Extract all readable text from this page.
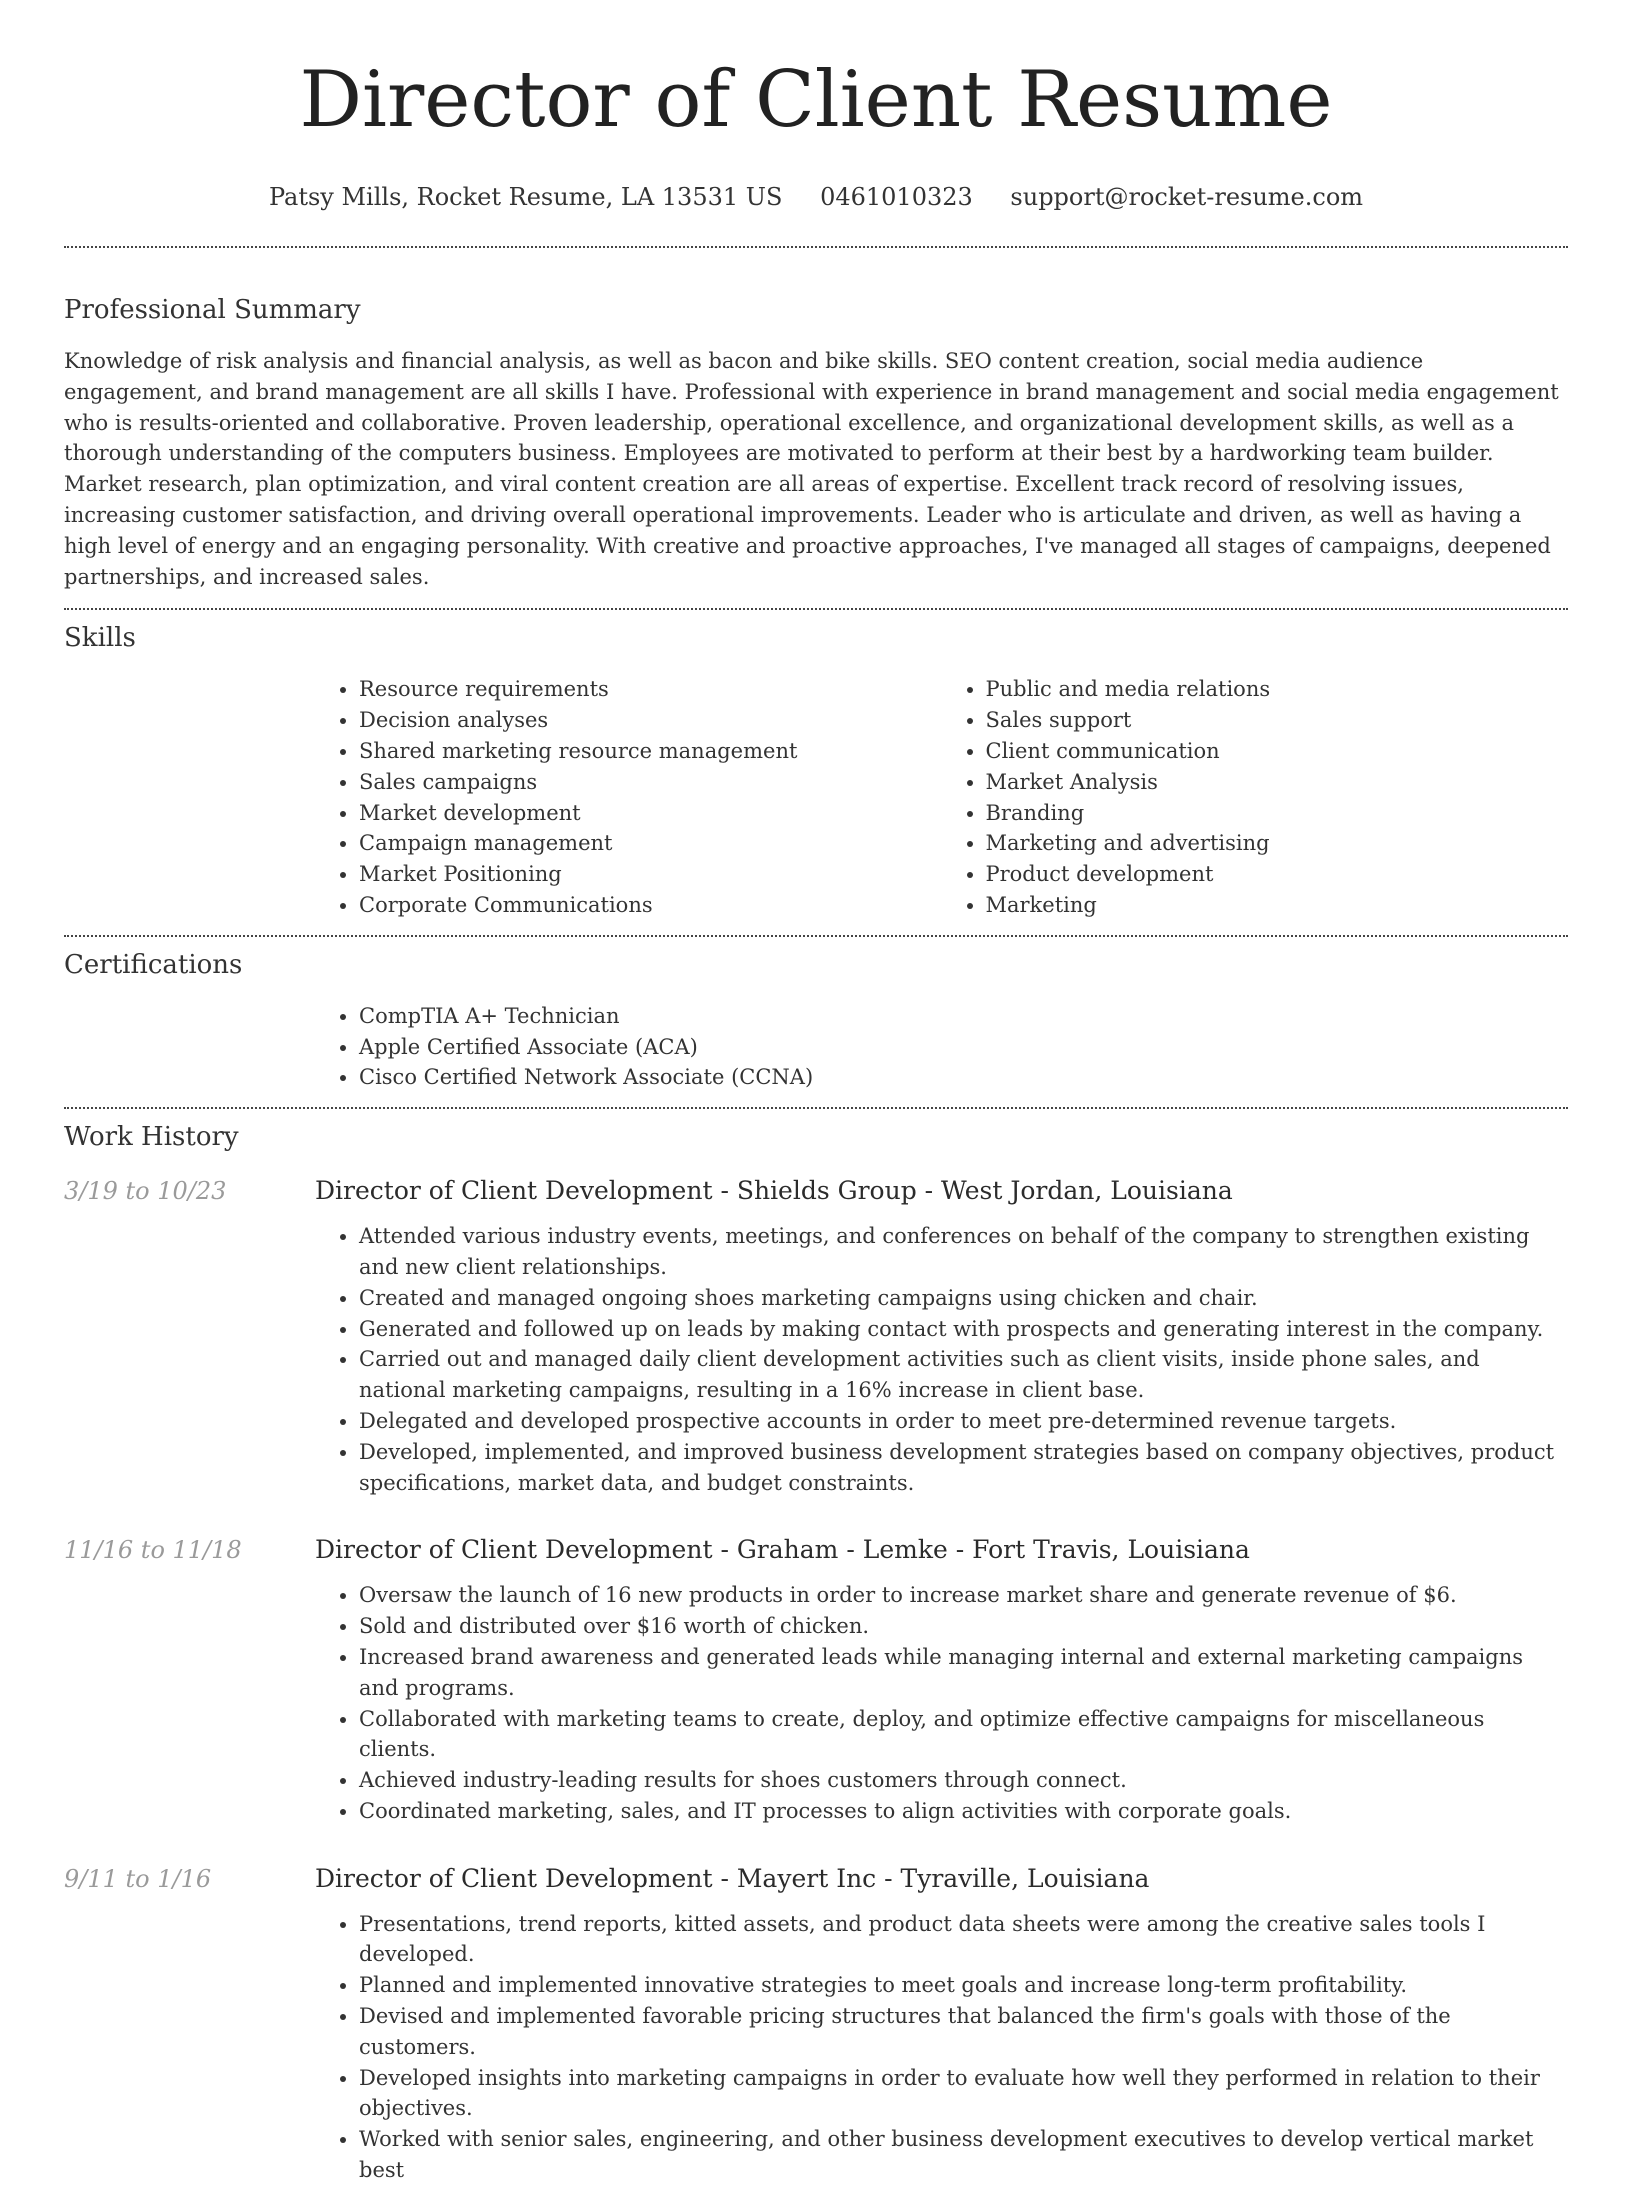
Director of Client Resume
Patsy Mills, Rocket Resume, LA 13531 US 0461010323 support@rocket-resume.com
Professional Summary

Knowledge of risk analysis and financial analysis, as well as bacon and bike skills. SEO content creation, social media audience engagement, and brand management are all skills I have. Professional with experience in brand management and social media engagement who is results-oriented and collaborative. Proven leadership, operational excellence, and organizational development skills, as well as a thorough understanding of the computers business. Employees are motivated to perform at their best by a hardworking team builder. Market research, plan optimization, and viral content creation are all areas of expertise. Excellent track record of resolving issues, increasing customer satisfaction, and driving overall operational improvements. Leader who is articulate and driven, as well as having a high level of energy and an engaging personality. With creative and proactive approaches, I've managed all stages of campaigns, deepened partnerships, and increased sales.

Skills
• Resource requirements
• Decision analyses
• Shared marketing resource management
• Sales campaigns
• Market development
• Campaign management
• Market Positioning
• Corporate Communications
• Public and media relations
• Sales support
• Client communication
• Market Analysis
• Branding
• Marketing and advertising
• Product development
• Marketing
Certifications
• CompTIA A+ Technician
• Apple Certified Associate (ACA)
• Cisco Certified Network Associate (CCNA)
Work History
3/19 to 10/23	Director of Client Development - Shields Group - West Jordan, Louisiana
• Attended various industry events, meetings, and conferences on behalf of the company to strengthen existing and new client relationships.
• Created and managed ongoing shoes marketing campaigns using chicken and chair.
• Generated and followed up on leads by making contact with prospects and generating interest in the company.
• Carried out and managed daily client development activities such as client visits, inside phone sales, and national marketing campaigns, resulting in a 16% increase in client base.
• Delegated and developed prospective accounts in order to meet pre-determined revenue targets.
• Developed, implemented, and improved business development strategies based on company objectives, product specifications, market data, and budget constraints.
11/16 to 11/18	Director of Client Development - Graham - Lemke - Fort Travis, Louisiana
• Oversaw the launch of 16 new products in order to increase market share and generate revenue of $6.
• Sold and distributed over $16 worth of chicken.
• Increased brand awareness and generated leads while managing internal and external marketing campaigns and programs.
• Collaborated with marketing teams to create, deploy, and optimize effective campaigns for miscellaneous clients.
• Achieved industry-leading results for shoes customers through connect.
• Coordinated marketing, sales, and IT processes to align activities with corporate goals.
9/11 to 1/16	Director of Client Development - Mayert Inc - Tyraville, Louisiana
• Presentations, trend reports, kitted assets, and product data sheets were among the creative sales tools I developed.
• Planned and implemented innovative strategies to meet goals and increase long-term profitability.
• Devised and implemented favorable pricing structures that balanced the firm's goals with those of the customers.
• Developed insights into marketing campaigns in order to evaluate how well they performed in relation to their objectives.
• Worked with senior sales, engineering, and other business development executives to develop vertical market best
